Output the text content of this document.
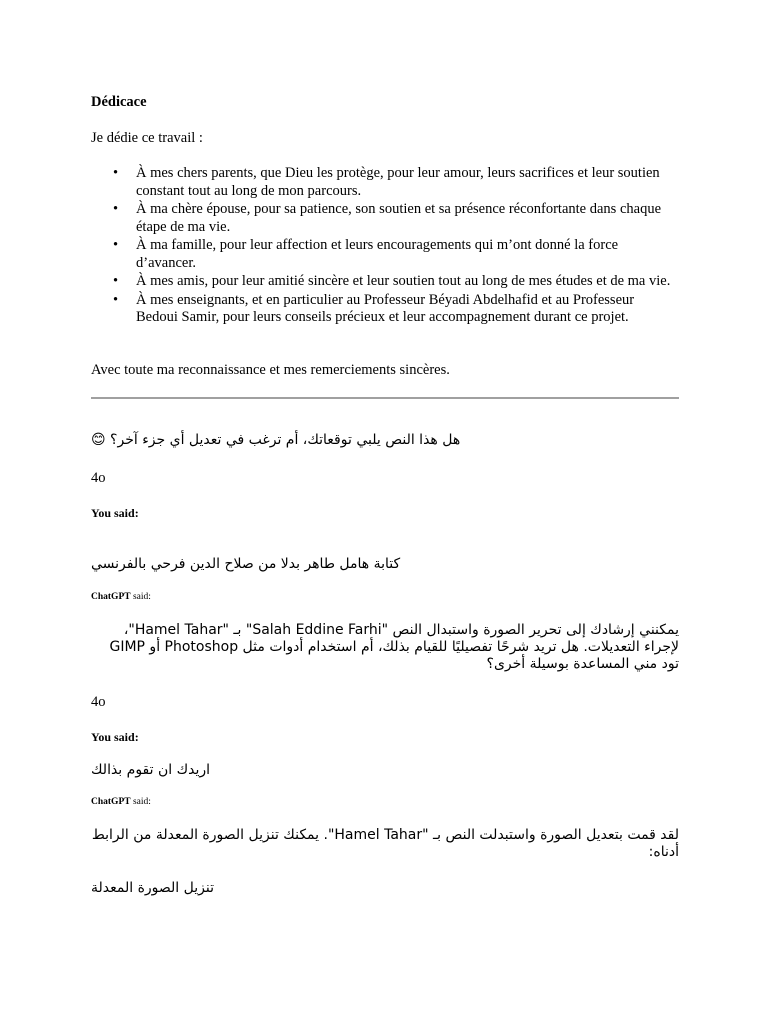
Dédicace
Je dédie ce travail :
• À mes chers parents, que Dieu les protège, pour leur amour, leurs sacrifices et leur soutien constant tout au long de mon parcours.
• À ma chère épouse, pour sa patience, son soutien et sa présence réconfortante dans chaque étape de ma vie.
• À ma famille, pour leur affection et leurs encouragements qui m’ont donné la force d’avancer.
• À mes amis, pour leur amitié sincère et leur soutien tout au long de mes études et de ma vie.
• À mes enseignants, et en particulier au Professeur Béyadi Abdelhafid et au Professeur Bedoui Samir, pour leurs conseils précieux et leur accompagnement durant ce projet.
Avec toute ma reconnaissance et mes remerciements sincères.
هل هذا النص يلبي توقعاتك، أم ترغب في تعديل أي جزء آخر؟ 😊
4o
You said:
كتابة هامل طاهر بدلا من صلاح الدين فرحي بالفرنسي
ChatGPT said:
يمكنني إرشادك إلى تحرير الصورة واستبدال النص "Salah Eddine Farhi" بـ "Hamel Tahar"، لإجراء التعديلات. هل تريد شرحًا تفصيليًا للقيام بذلك، أم استخدام أدوات مثل Photoshop أو GIMP تود مني المساعدة بوسيلة أخرى؟
4o
You said:
اريدك ان تقوم بذالك
ChatGPT said:
لقد قمت بتعديل الصورة واستبدلت النص بـ "Hamel Tahar". يمكنك تنزيل الصورة المعدلة من الرابط أدناه:
تنزيل الصورة المعدلة
